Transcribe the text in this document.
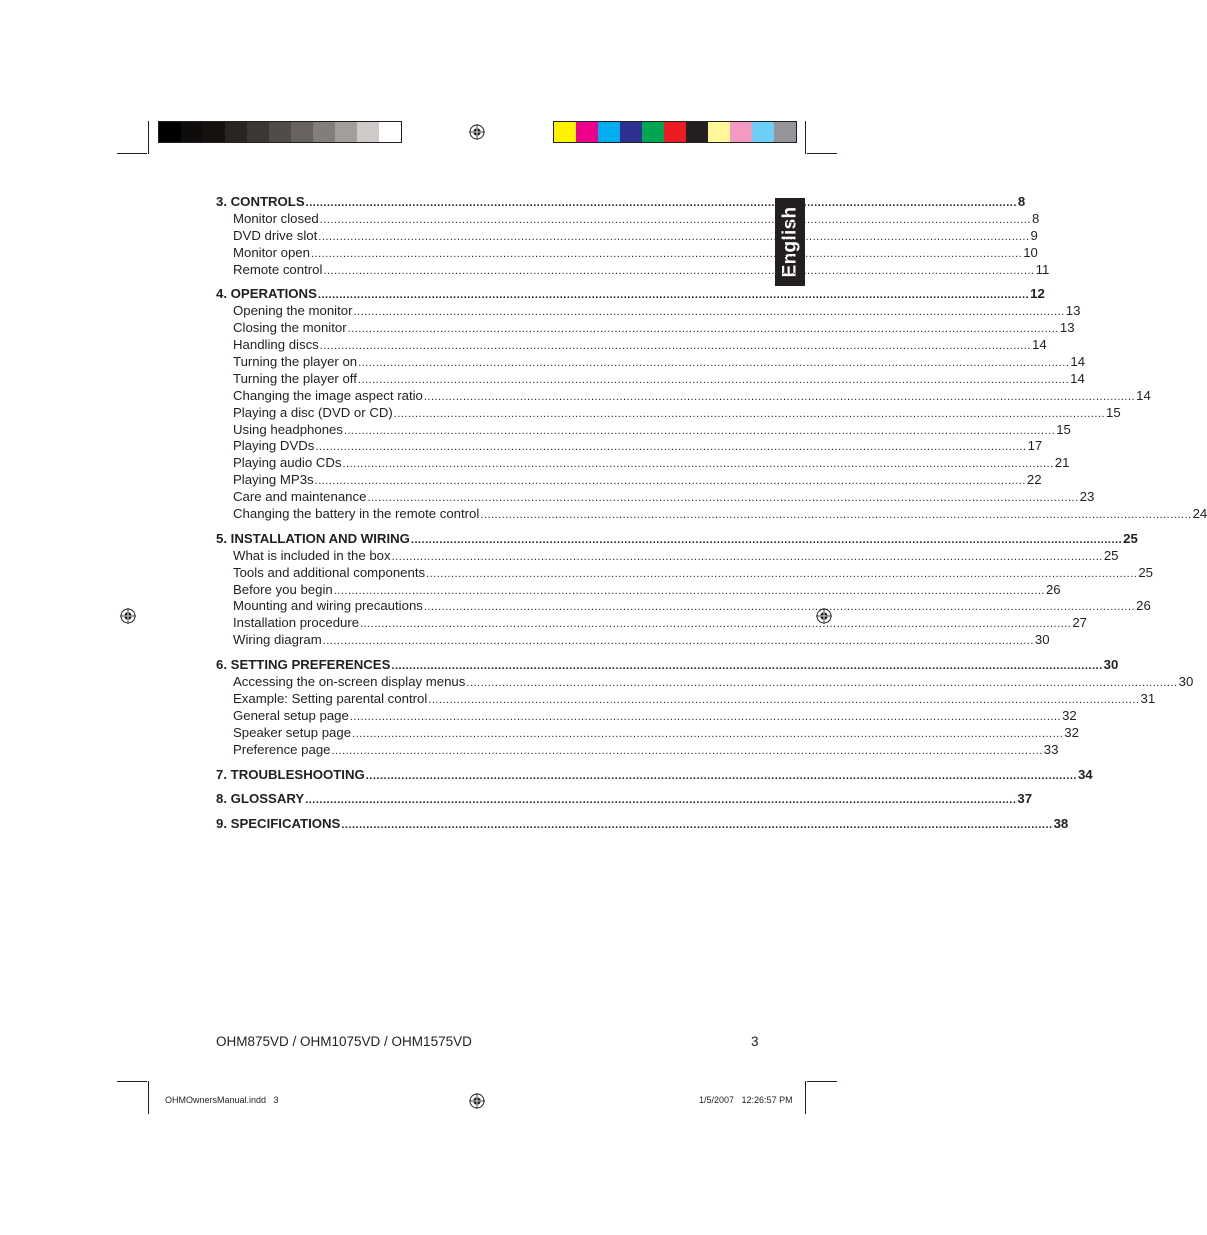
English
3. CONTROLS ........................................................................................................................................................................................................ 8
Monitor closed ........................................................................................................................................................................................................ 8
DVD drive slot ........................................................................................................................................................................................................ 9
Monitor open ........................................................................................................................................................................................................ 10
Remote control ........................................................................................................................................................................................................ 11
4. OPERATIONS ........................................................................................................................................................................................................ 12
Opening the monitor ........................................................................................................................................................................................................ 13
Closing the monitor ........................................................................................................................................................................................................ 13
Handling discs ........................................................................................................................................................................................................ 14
Turning the player on ........................................................................................................................................................................................................ 14
Turning the player off ........................................................................................................................................................................................................ 14
Changing the image aspect ratio ........................................................................................................................................................................................................ 14
Playing a disc (DVD or CD) ........................................................................................................................................................................................................ 15
Using headphones ........................................................................................................................................................................................................ 15
Playing DVDs ........................................................................................................................................................................................................ 17
Playing audio CDs ........................................................................................................................................................................................................ 21
Playing MP3s ........................................................................................................................................................................................................ 22
Care and maintenance ........................................................................................................................................................................................................ 23
Changing the battery in the remote control ........................................................................................................................................................................................................ 24
5. INSTALLATION AND WIRING ........................................................................................................................................................................................................ 25
What is included in the box ........................................................................................................................................................................................................ 25
Tools and additional components ........................................................................................................................................................................................................ 25
Before you begin ........................................................................................................................................................................................................ 26
Mounting and wiring precautions ........................................................................................................................................................................................................ 26
Installation procedure ........................................................................................................................................................................................................ 27
Wiring diagram ........................................................................................................................................................................................................ 30
6. SETTING PREFERENCES ........................................................................................................................................................................................................ 30
Accessing the on-screen display menus ........................................................................................................................................................................................................ 30
Example: Setting parental control ........................................................................................................................................................................................................ 31
General setup page ........................................................................................................................................................................................................ 32
Speaker setup page ........................................................................................................................................................................................................ 32
Preference page ........................................................................................................................................................................................................ 33
7. TROUBLESHOOTING ........................................................................................................................................................................................................ 34
8. GLOSSARY ........................................................................................................................................................................................................ 37
9. SPECIFICATIONS ........................................................................................................................................................................................................ 38
OHM875VD / OHM1075VD / OHM1575VD	3
OHMOwnersManual.indd   3	1/5/2007   12:26:57 PM
